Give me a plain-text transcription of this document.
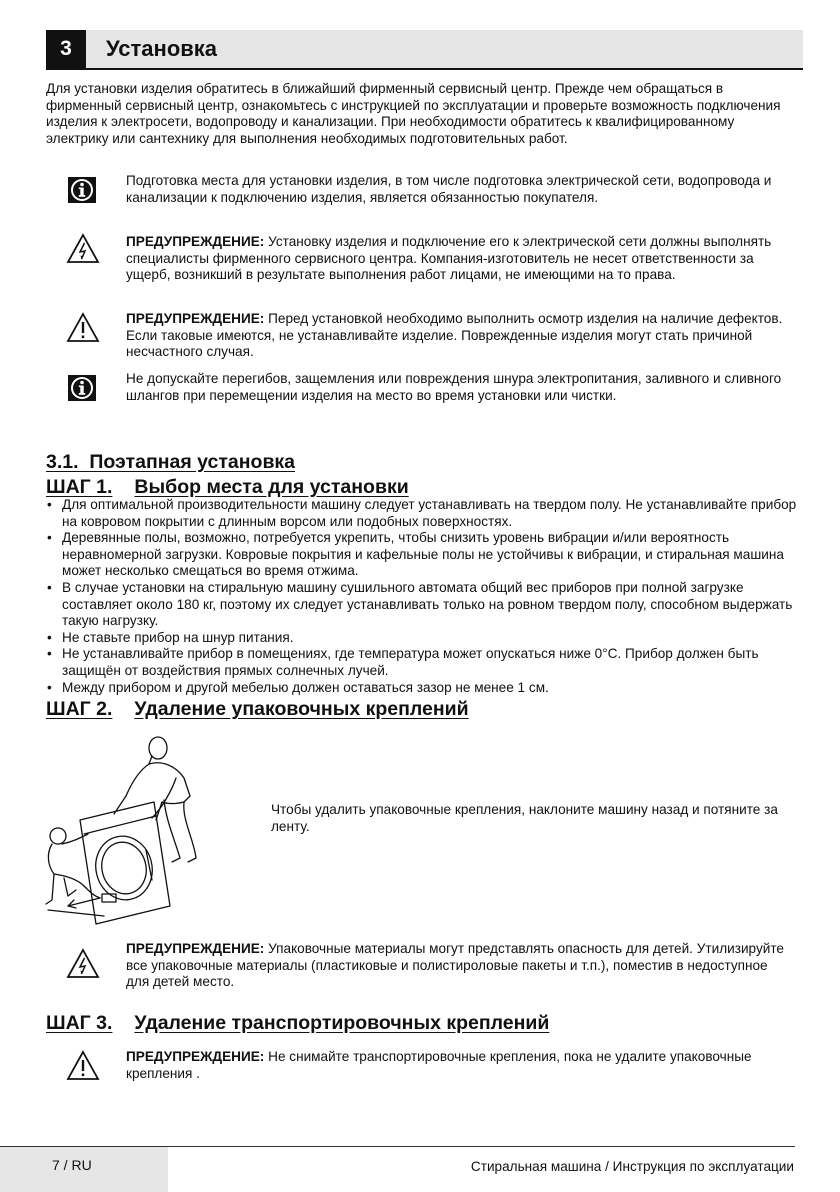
3	Установка

Для установки изделия обратитесь в ближайший фирменный сервисный центр. Прежде чем обращаться в фирменный сервисный центр, ознакомьтесь с инструкцией по эксплуатации и проверьте возможность подключения изделия к электросети, водопроводу и канализации. При необходимости обратитесь к квалифицированному электрику или сантехнику для выполнения необходимых подготовительных работ.

Подготовка места для установки изделия, в том числе подготовка электрической сети, водопровода и канализации к подключению изделия, является обязанностью покупателя.

ПРЕДУПРЕЖДЕНИЕ: Установку изделия и подключение его к электрической сети должны выполнять специалисты фирменного сервисного центра. Компания-изготовитель не несет ответственности за ущерб, возникший в результате выполнения работ лицами, не имеющими на то права.

ПРЕДУПРЕЖДЕНИЕ: Перед установкой необходимо выполнить осмотр изделия на наличие дефектов. Если таковые имеются, не устанавливайте изделие. Поврежденные изделия могут стать причиной несчастного случая.

Не допускайте перегибов, защемления или повреждения шнура электропитания, заливного и сливного шлангов при перемещении изделия на место во время установки или чистки.

3.1. Поэтапная установка
ШАГ 1. Выбор места для установки
• Для оптимальной производительности машину следует устанавливать на твердом полу. Не устанавливайте прибор на ковровом покрытии с длинным ворсом или подобных поверхностях.
• Деревянные полы, возможно, потребуется укрепить, чтобы снизить уровень вибрации и/или вероятность неравномерной загрузки. Ковровые покрытия и кафельные полы не устойчивы к вибрации, и стиральная машина может несколько смещаться во время отжима.
• В случае установки на стиральную машину сушильного автомата общий вес приборов при полной загрузке составляет около 180 кг, поэтому их следует устанавливать только на ровном твердом полу, способном выдержать такую нагрузку.
• Не ставьте прибор на шнур питания.
• Не устанавливайте прибор в помещениях, где температура может опускаться ниже 0°C. Прибор должен быть защищён от воздействия прямых солнечных лучей.
• Между прибором и другой мебелью должен оставаться зазор не менее 1 см.
ШАГ 2. Удаление упаковочных креплений

Чтобы удалить упаковочные крепления, наклоните машину назад и потяните за ленту.

ПРЕДУПРЕЖДЕНИЕ: Упаковочные материалы могут представлять опасность для детей. Утилизируйте все упаковочные материалы (пластиковые и полистироловые пакеты и т.п.), поместив в недоступное для детей место.

ШАГ 3. Удаление транспортировочных креплений

ПРЕДУПРЕЖДЕНИЕ: Не снимайте транспортировочные крепления, пока не удалите упаковочные крепления .

7 / RU	Стиральная машина / Инструкция по эксплуатации
